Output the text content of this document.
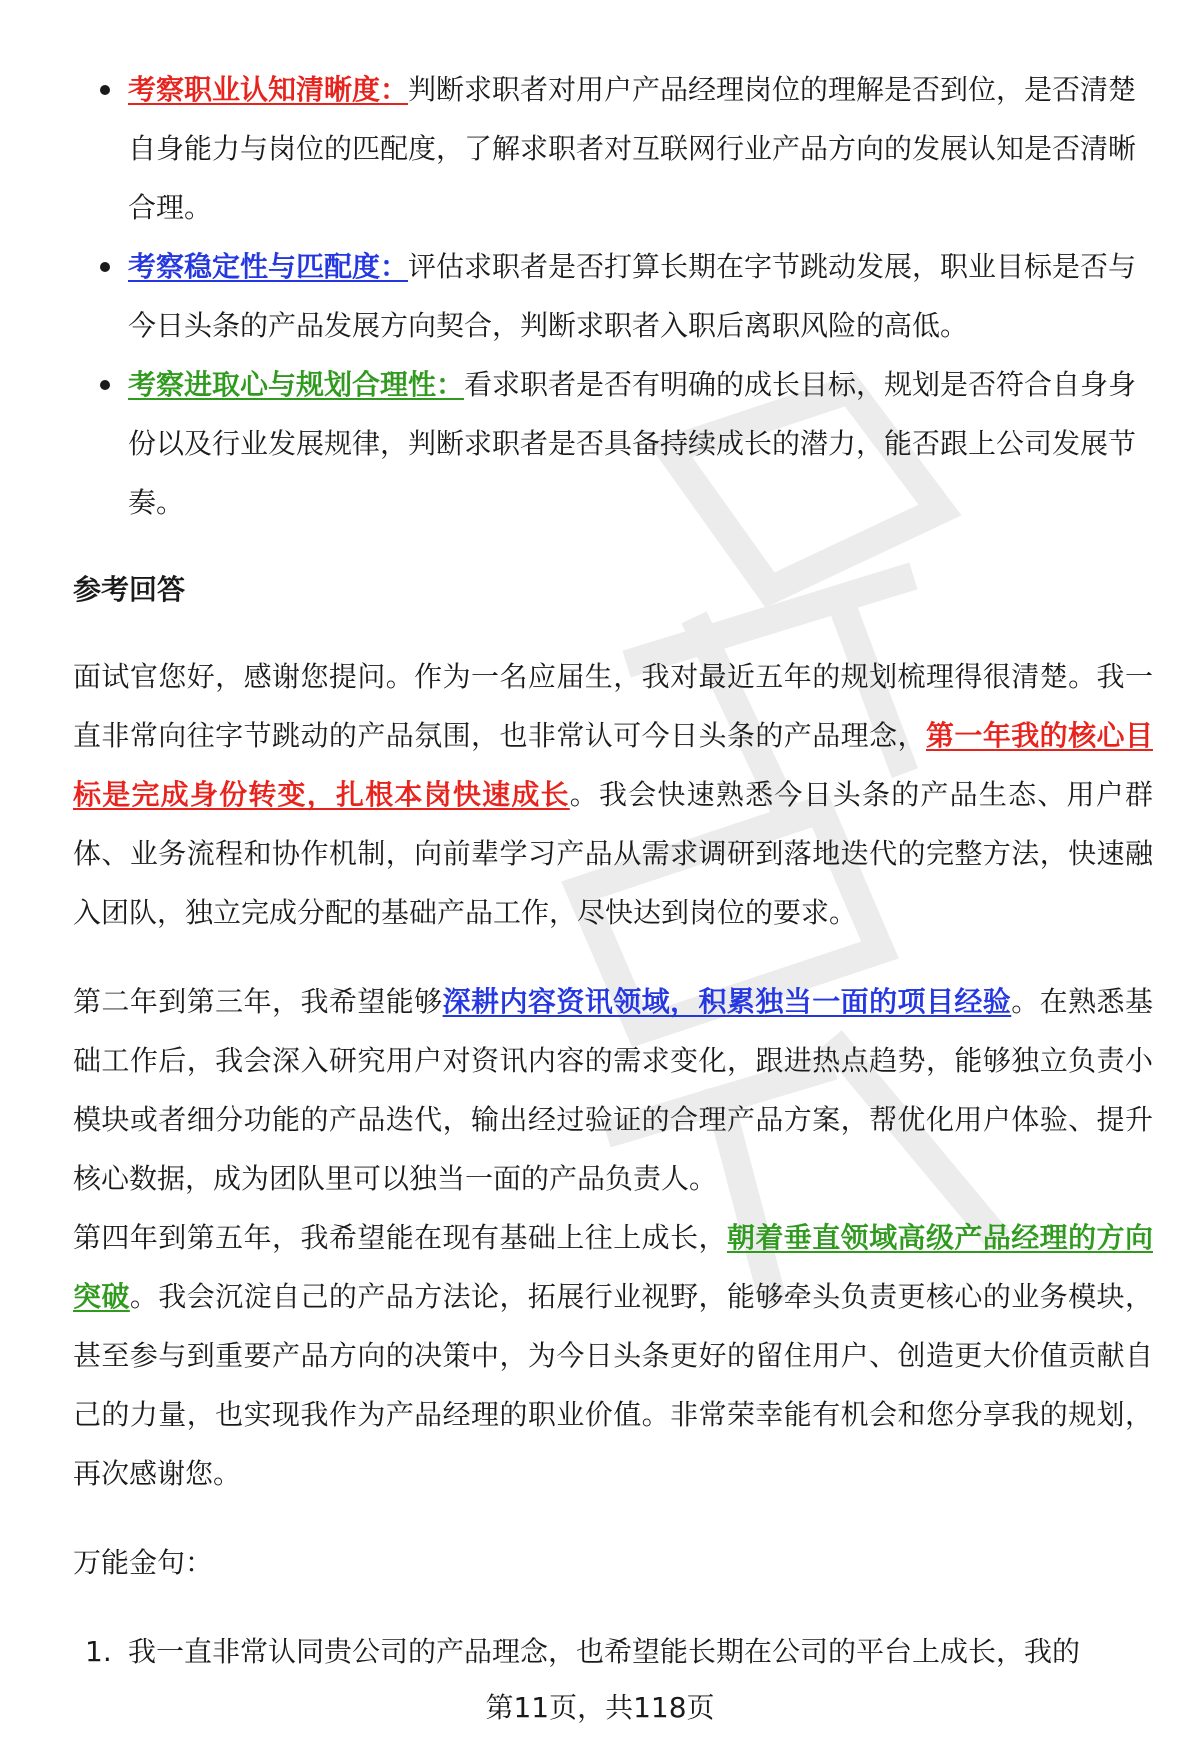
考察职业认知清晰度：判断求职者对用户产品经理岗位的理解是否到位，是否清楚自身能力与岗位的匹配度，了解求职者对互联网行业产品方向的发展认知是否清晰合理。
考察稳定性与匹配度：评估求职者是否打算长期在字节跳动发展，职业目标是否与今日头条的产品发展方向契合，判断求职者入职后离职风险的高低。
考察进取心与规划合理性：看求职者是否有明确的成长目标，规划是否符合自身身份以及行业发展规律，判断求职者是否具备持续成长的潜力，能否跟上公司发展节奏。
参考回答

面试官您好，感谢您提问。作为一名应届生，我对最近五年的规划梳理得很清楚。我一直非常向往字节跳动的产品氛围，也非常认可今日头条的产品理念，第一年我的核心目标是完成身份转变，扎根本岗快速成长。我会快速熟悉今日头条的产品生态、用户群体、业务流程和协作机制，向前辈学习产品从需求调研到落地迭代的完整方法，快速融入团队，独立完成分配的基础产品工作，尽快达到岗位的要求。

第二年到第三年，我希望能够深耕内容资讯领域，积累独当一面的项目经验。在熟悉基础工作后，我会深入研究用户对资讯内容的需求变化，跟进热点趋势，能够独立负责小模块或者细分功能的产品迭代，输出经过验证的合理产品方案，帮优化用户体验、提升核心数据，成为团队里可以独当一面的产品负责人。

第四年到第五年，我希望能在现有基础上往上成长，朝着垂直领域高级产品经理的方向突破。我会沉淀自己的产品方法论，拓展行业视野，能够牵头负责更核心的业务模块，甚至参与到重要产品方向的决策中，为今日头条更好的留住用户、创造更大价值贡献自己的力量，也实现我作为产品经理的职业价值。非常荣幸能有机会和您分享我的规划，再次感谢您。

万能金句：

1. 我一直非常认同贵公司的产品理念，也希望能长期在公司的平台上成长，我的
第11页，共118页
